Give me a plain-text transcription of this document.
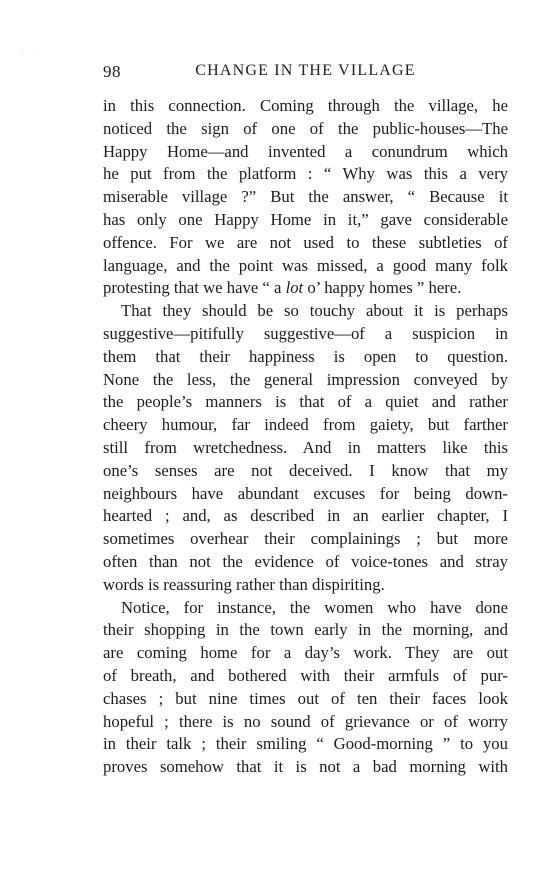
98	CHANGE IN THE VILLAGE
in this connection. Coming through the village, he
noticed the sign of one of the public-houses—The
Happy Home—and invented a conundrum which
he put from the platform : “ Why was this a very
miserable village ?” But the answer, “ Because it
has only one Happy Home in it,” gave considerable
offence. For we are not used to these subtleties of
language, and the point was missed, a good many folk
protesting that we have “ a lot o’ happy homes ” here.
That they should be so touchy about it is perhaps
suggestive—pitifully suggestive—of a suspicion in
them that their happiness is open to question.
None the less, the general impression conveyed by
the people’s manners is that of a quiet and rather
cheery humour, far indeed from gaiety, but farther
still from wretchedness. And in matters like this
one’s senses are not deceived. I know that my
neighbours have abundant excuses for being down-
hearted ; and, as described in an earlier chapter, I
sometimes overhear their complainings ; but more
often than not the evidence of voice-tones and stray
words is reassuring rather than dispiriting.
Notice, for instance, the women who have done
their shopping in the town early in the morning, and
are coming home for a day’s work. They are out
of breath, and bothered with their armfuls of pur-
chases ; but nine times out of ten their faces look
hopeful ; there is no sound of grievance or of worry
in their talk ; their smiling “ Good-morning ” to you
proves somehow that it is not a bad morning with
